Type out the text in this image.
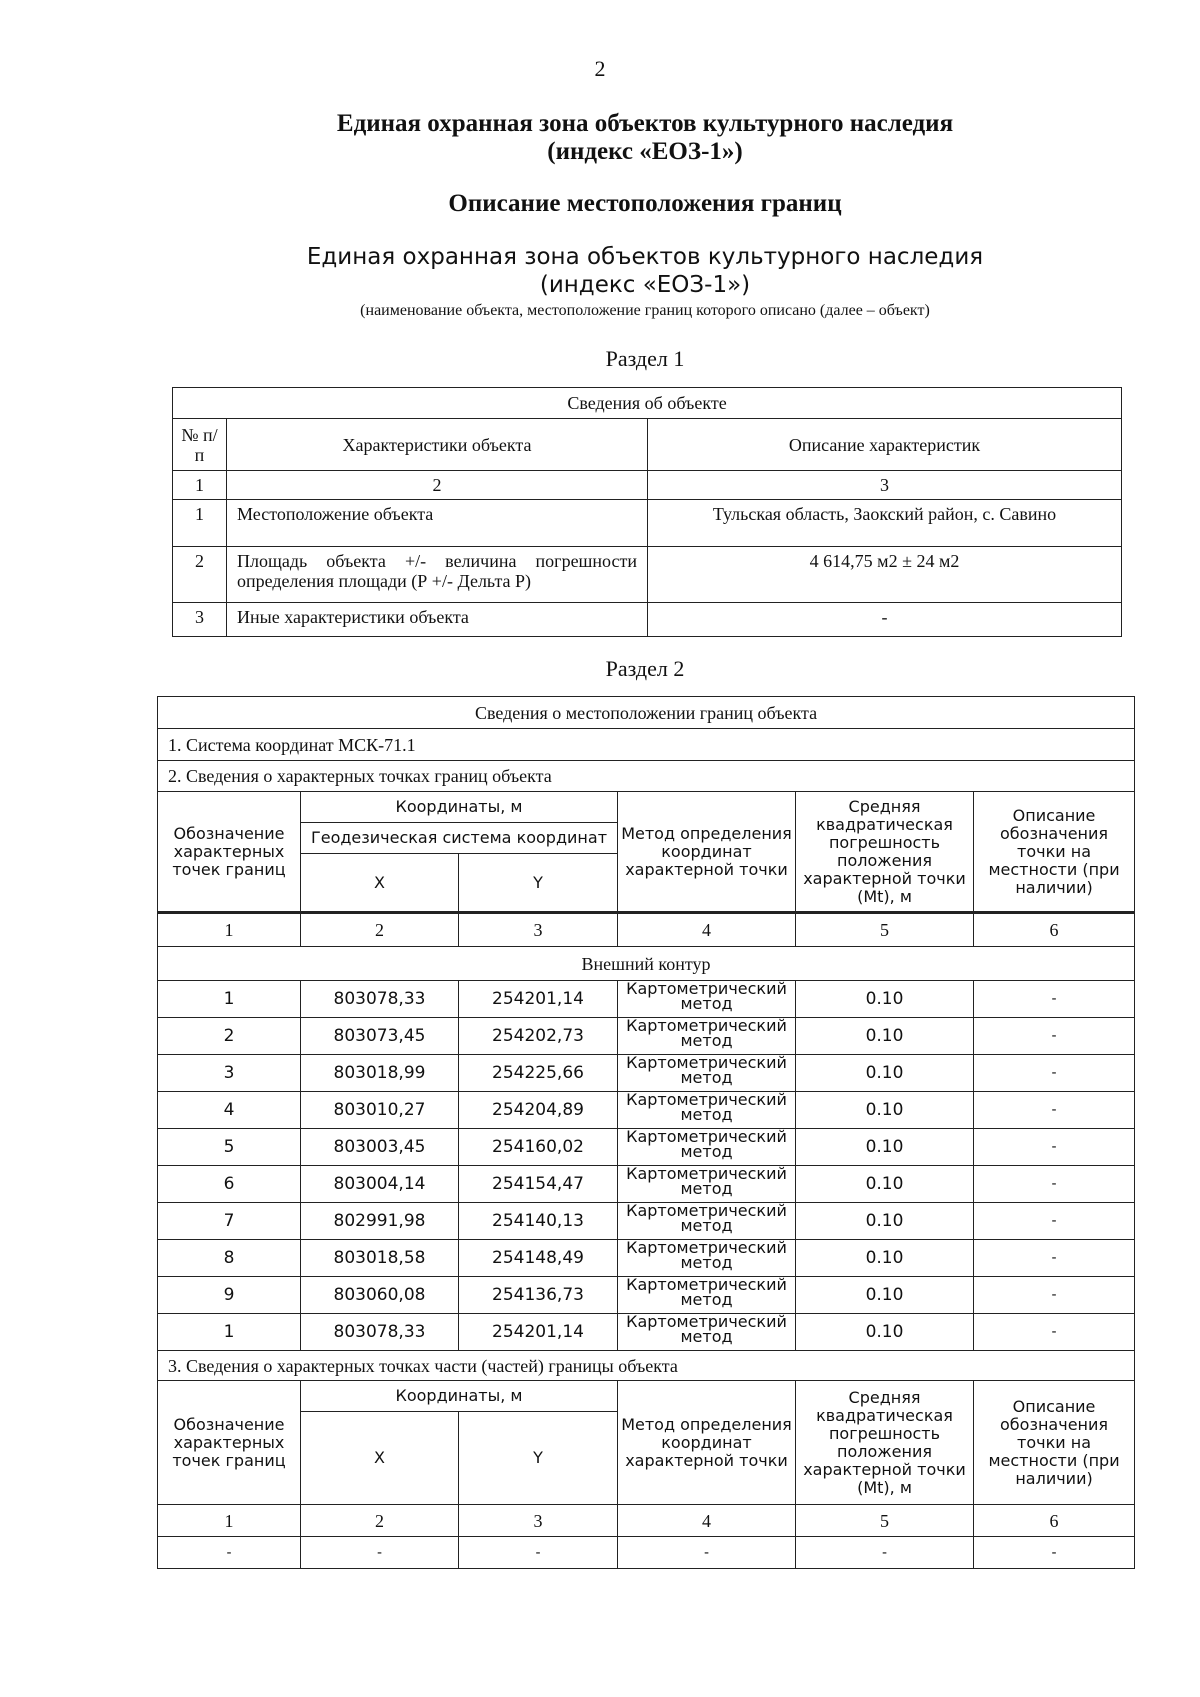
2
Единая охранная зона объектов культурного наследия
(индекс «ЕОЗ-1»)
Описание местоположения границ
Единая охранная зона объектов культурного наследия
(индекс «ЕОЗ-1»)
(наименование объекта, местоположение границ которого описано (далее – объект)
Раздел 1
Сведения об объекте		
№ п/п	Характеристики объекта	Описание характеристик
1	2	3
1	Местоположение объекта	Тульская область, Заокский район, с. Савино
2	Площадь объекта +/- величина погрешности определения площади (Р +/- Дельта Р)	4 614,75 м2 ± 24 м2
3	Иные характеристики объекта	-
Раздел 2
Сведения о местоположении границ объекта					
1. Система координат МСК-71.1					
2. Сведения о характерных точках границ объекта					
Обозначение характерных точек границ	Координаты, м		Метод определения координат характерной точки	Средняя квадратическая погрешность положения характерной точки (Mt), м	Описание обозначения точки на местности (при наличии)
	Геодезическая система координат				
	X	Y			
1	2	3	4	5	6
Внешний контур					
1	803078,33	254201,14	Картометрический метод	0.10	-
2	803073,45	254202,73	Картометрический метод	0.10	-
3	803018,99	254225,66	Картометрический метод	0.10	-
4	803010,27	254204,89	Картометрический метод	0.10	-
5	803003,45	254160,02	Картометрический метод	0.10	-
6	803004,14	254154,47	Картометрический метод	0.10	-
7	802991,98	254140,13	Картометрический метод	0.10	-
8	803018,58	254148,49	Картометрический метод	0.10	-
9	803060,08	254136,73	Картометрический метод	0.10	-
1	803078,33	254201,14	Картометрический метод	0.10	-
3. Сведения о характерных точках части (частей) границы объекта					
Обозначение характерных точек границ	Координаты, м		Метод определения координат характерной точки	Средняя квадратическая погрешность положения характерной точки (Mt), м	Описание обозначения точки на местности (при наличии)
	X	Y			
1	2	3	4	5	6
-	-	-	-	-	-
